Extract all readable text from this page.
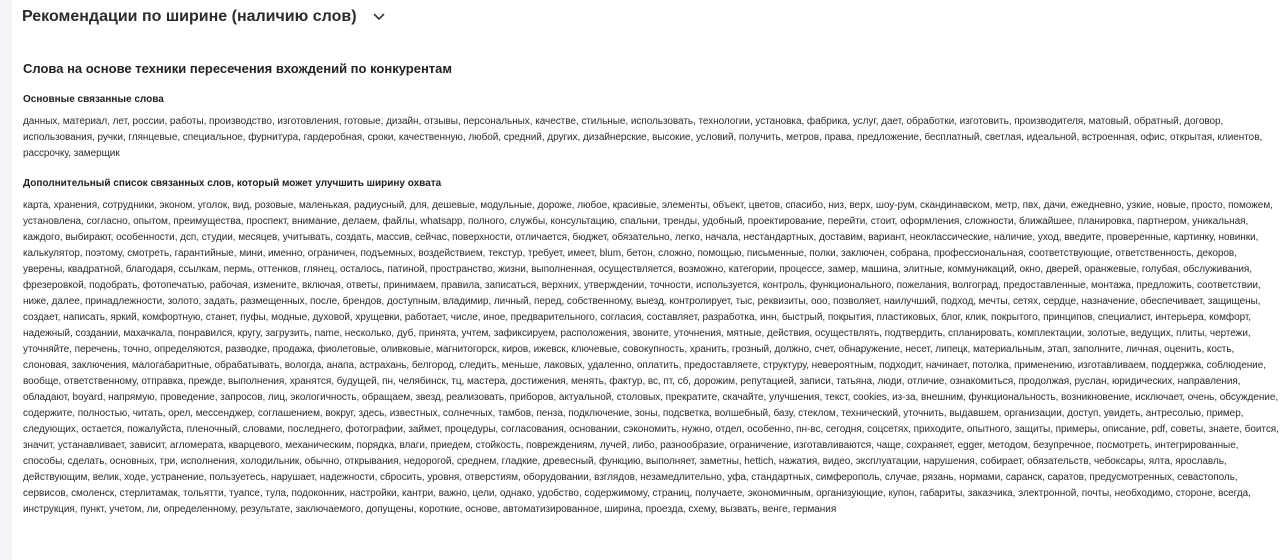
Рекомендации по ширине (наличию слов)
Слова на основе техники пересечения вхождений по конкурентам
Основные связанные слова
данных, материал, лет, россии, работы, производство, изготовления, готовые, дизайн, отзывы, персональных, качестве, стильные, использовать, технологии, установка, фабрика, услуг, дает, обработки, изготовить, производителя, матовый, обратный, договор, использования, ручки, глянцевые, специальное, фурнитура, гардеробная, сроки, качественную, любой, средний, других, дизайнерские, высокие, условий, получить, метров, права, предложение, бесплатный, светлая, идеальной, встроенная, офис, открытая, клиентов, рассрочку, замерщик
Дополнительный список связанных слов, который может улучшить ширину охвата
карта, хранения, сотрудники, эконом, уголок, вид, розовые, маленькая, радиусный, для, дешевые, модульные, дороже, любое, красивые, элементы, объект, цветов, спасибо, низ, верх, шоу-рум, скандинавском, метр, пвх, дачи, ежедневно, узкие, новые, просто, поможем, установлена, согласно, опытом, преимущества, проспект, внимание, делаем, файлы, whatsapp, полного, службы, консультацию, спальни, тренды, удобный, проектирование, перейти, стоит, оформления, сложности, ближайшее, планировка, партнером, уникальная, каждого, выбирают, особенности, дсп, студии, месяцев, учитывать, создать, массив, сейчас, поверхности, отличается, бюджет, обязательно, легко, начала, нестандартных, доставим, вариант, неоклассические, наличие, уход, введите, проверенные, картинку, новинки, калькулятор, поэтому, смотреть, гарантийные, мини, именно, ограничен, подъемных, воздействием, текстур, требует, имеет, blum, бетон, сложно, помощью, письменные, полки, заключен, собрана, профессиональная, соответствующие, ответственность, декоров, уверены, квадратной, благодаря, ссылкам, пермь, оттенков, глянец, осталось, патиной, пространство, жизни, выполненная, осуществляется, возможно, категории, процессе, замер, машина, элитные, коммуникаций, окно, дверей, оранжевые, голубая, обслуживания, фрезеровкой, подобрать, фотопечатью, рабочая, измените, включая, ответы, принимаем, правила, записаться, верхних, утверждении, точности, используется, контроль, функционального, пожелания, волгоград, предоставленные, монтажа, предложить, соответствии, ниже, далее, принадлежности, золото, задать, размещенных, после, брендов, доступным, владимир, личный, перед, собственному, выезд, контролирует, тыс, реквизиты, ооо, позволяет, наилучший, подход, мечты, сетях, сердце, назначение, обеспечивает, защищены, создает, написать, яркий, комфортную, станет, пуфы, модные, духовой, хрущевки, работает, числе, иное, предварительного, согласия, составляет, разработка, инн, быстрый, покрытия, пластиковых, блог, клик, покрытого, принципов, специалист, интерьера, комфорт, надежный, создании, махачкала, понравился, кругу, загрузить, name, несколько, дуб, принята, учтем, зафиксируем, расположения, звоните, уточнения, мятные, действия, осуществлять, подтвердить, спланировать, комплектации, золотые, ведущих, плиты, чертежи, уточняйте, перечень, точно, определяются, разводке, продажа, фиолетовые, оливковые, магнитогорск, киров, ижевск, ключевые, совокупность, хранить, грозный, должно, счет, обнаружение, несет, липецк, материальным, этап, заполните, личная, оценить, кость, слоновая, заключения, малогабаритные, обрабатывать, вологда, анапа, астрахань, белгород, следить, меньше, лаковых, удаленно, оплатить, предоставляете, структуру, невероятным, подходит, начинает, потолка, применению, изготавливаем, поддержка, соблюдение, вообще, ответственному, отправка, прежде, выполнения, хранятся, будущей, пн, челябинск, тц, мастера, достижения, менять, фактур, вс, пт, сб, дорожим, репутацией, записи, татьяна, люди, отличие, ознакомиться, продолжая, руслан, юридических, направления, обладают, boyard, напрямую, проведение, запросов, лиц, экологичность, обращаем, звезд, реализовать, приборов, актуальной, столовых, прекратите, скачайте, улучшения, текст, cookies, из-за, внешним, функциональность, возникновение, исключает, очень, обсуждение, содержите, полностью, читать, орел, мессенджер, соглашением, вокруг, здесь, известных, солнечных, тамбов, пенза, подключение, зоны, подсветка, волшебный, базу, стеклом, технический, уточнить, выдавшем, организации, доступ, увидеть, антресолью, пример, следующих, остается, пожалуйста, пленочный, словами, последнего, фотографии, займет, процедуры, согласования, основании, сэкономить, нужно, отдел, особенно, пн-вс, сегодня, соцсетях, приходите, опытного, защиты, примеры, описание, pdf, советы, знаете, боится, значит, устанавливает, зависит, агломерата, кварцевого, механическим, порядка, влаги, приедем, стойкость, повреждениям, лучей, либо, разнообразие, ограничение, изготавливаются, чаще, сохраняет, egger, методом, безупречное, посмотреть, интегрированные, способы, сделать, основных, три, исполнения, холодильник, обычно, открывания, недорогой, среднем, гладкие, древесный, функцию, выполняет, заметны, hettich, нажатия, видео, эксплуатации, нарушения, собирает, обязательств, чебоксары, ялта, ярославль, действующим, велик, ходе, устранение, пользуетесь, нарушает, надежности, сбросить, уровня, отверстиям, оборудовании, взглядов, незамедлительно, уфа, стандартных, симферополь, случае, рязань, нормами, саранск, саратов, предусмотренных, севастополь, сервисов, смоленск, стерлитамак, тольятти, туапсе, тула, подоконник, настройки, кантри, важно, цели, однако, удобство, содержимому, страниц, получаете, экономичным, организующие, купон, габариты, заказчика, электронной, почты, необходимо, стороне, всегда, инструкция, пункт, учетом, ли, определенному, результате, заключаемого, допущены, короткие, основе, автоматизированное, ширина, проезда, схему, вызвать, венге, германия
